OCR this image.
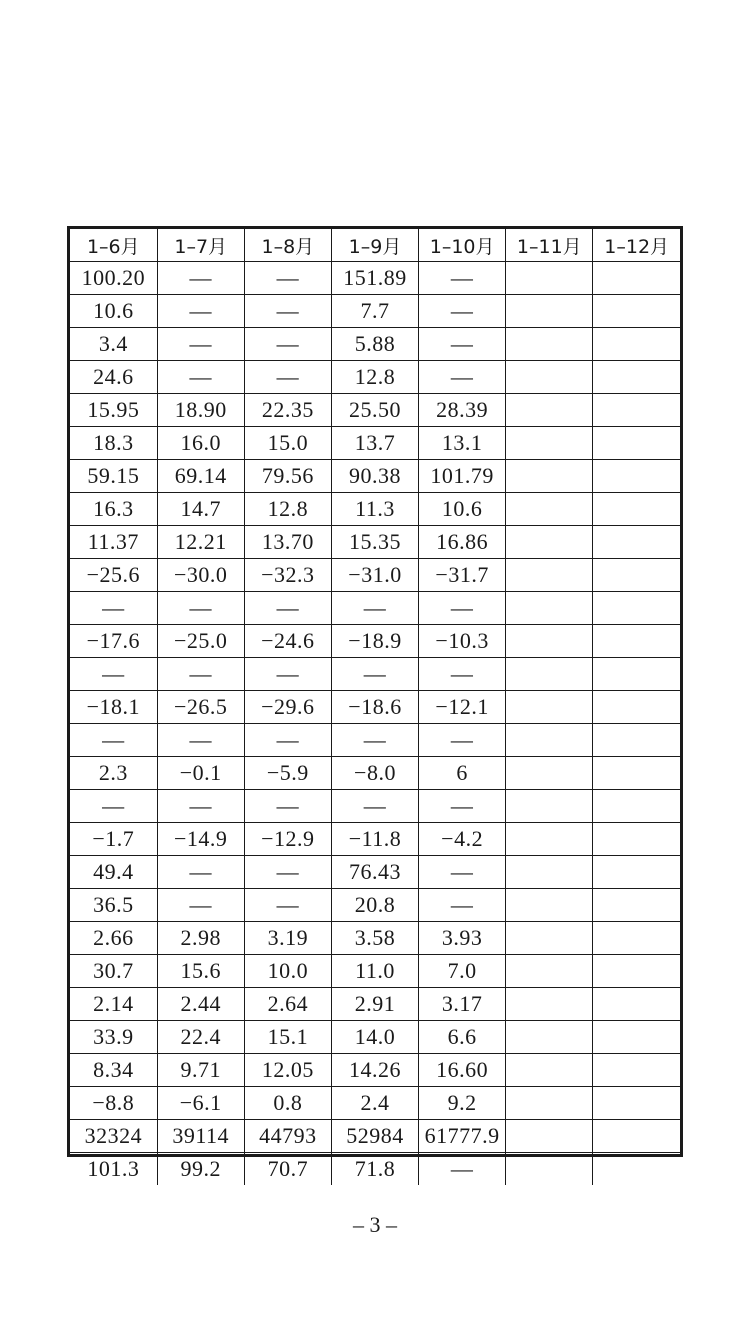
1–6月	1–7月	1–8月	1–9月	1–10月	1–11月	1–12月
100.20	—	—	151.89	—		
10.6	—	—	7.7	—		
3.4	—	—	5.88	—		
24.6	—	—	12.8	—		
15.95	18.90	22.35	25.50	28.39		
18.3	16.0	15.0	13.7	13.1		
59.15	69.14	79.56	90.38	101.79		
16.3	14.7	12.8	11.3	10.6		
11.37	12.21	13.70	15.35	16.86		
−25.6	−30.0	−32.3	−31.0	−31.7		
—	—	—	—	—		
−17.6	−25.0	−24.6	−18.9	−10.3		
—	—	—	—	—		
−18.1	−26.5	−29.6	−18.6	−12.1		
—	—	—	—	—		
2.3	−0.1	−5.9	−8.0	6		
—	—	—	—	—		
−1.7	−14.9	−12.9	−11.8	−4.2		
49.4	—	—	76.43	—		
36.5	—	—	20.8	—		
2.66	2.98	3.19	3.58	3.93		
30.7	15.6	10.0	11.0	7.0		
2.14	2.44	2.64	2.91	3.17		
33.9	22.4	15.1	14.0	6.6		
8.34	9.71	12.05	14.26	16.60		
−8.8	−6.1	0.8	2.4	9.2		
32324	39114	44793	52984	61777.9		
101.3	99.2	70.7	71.8	—		
– 3 –
